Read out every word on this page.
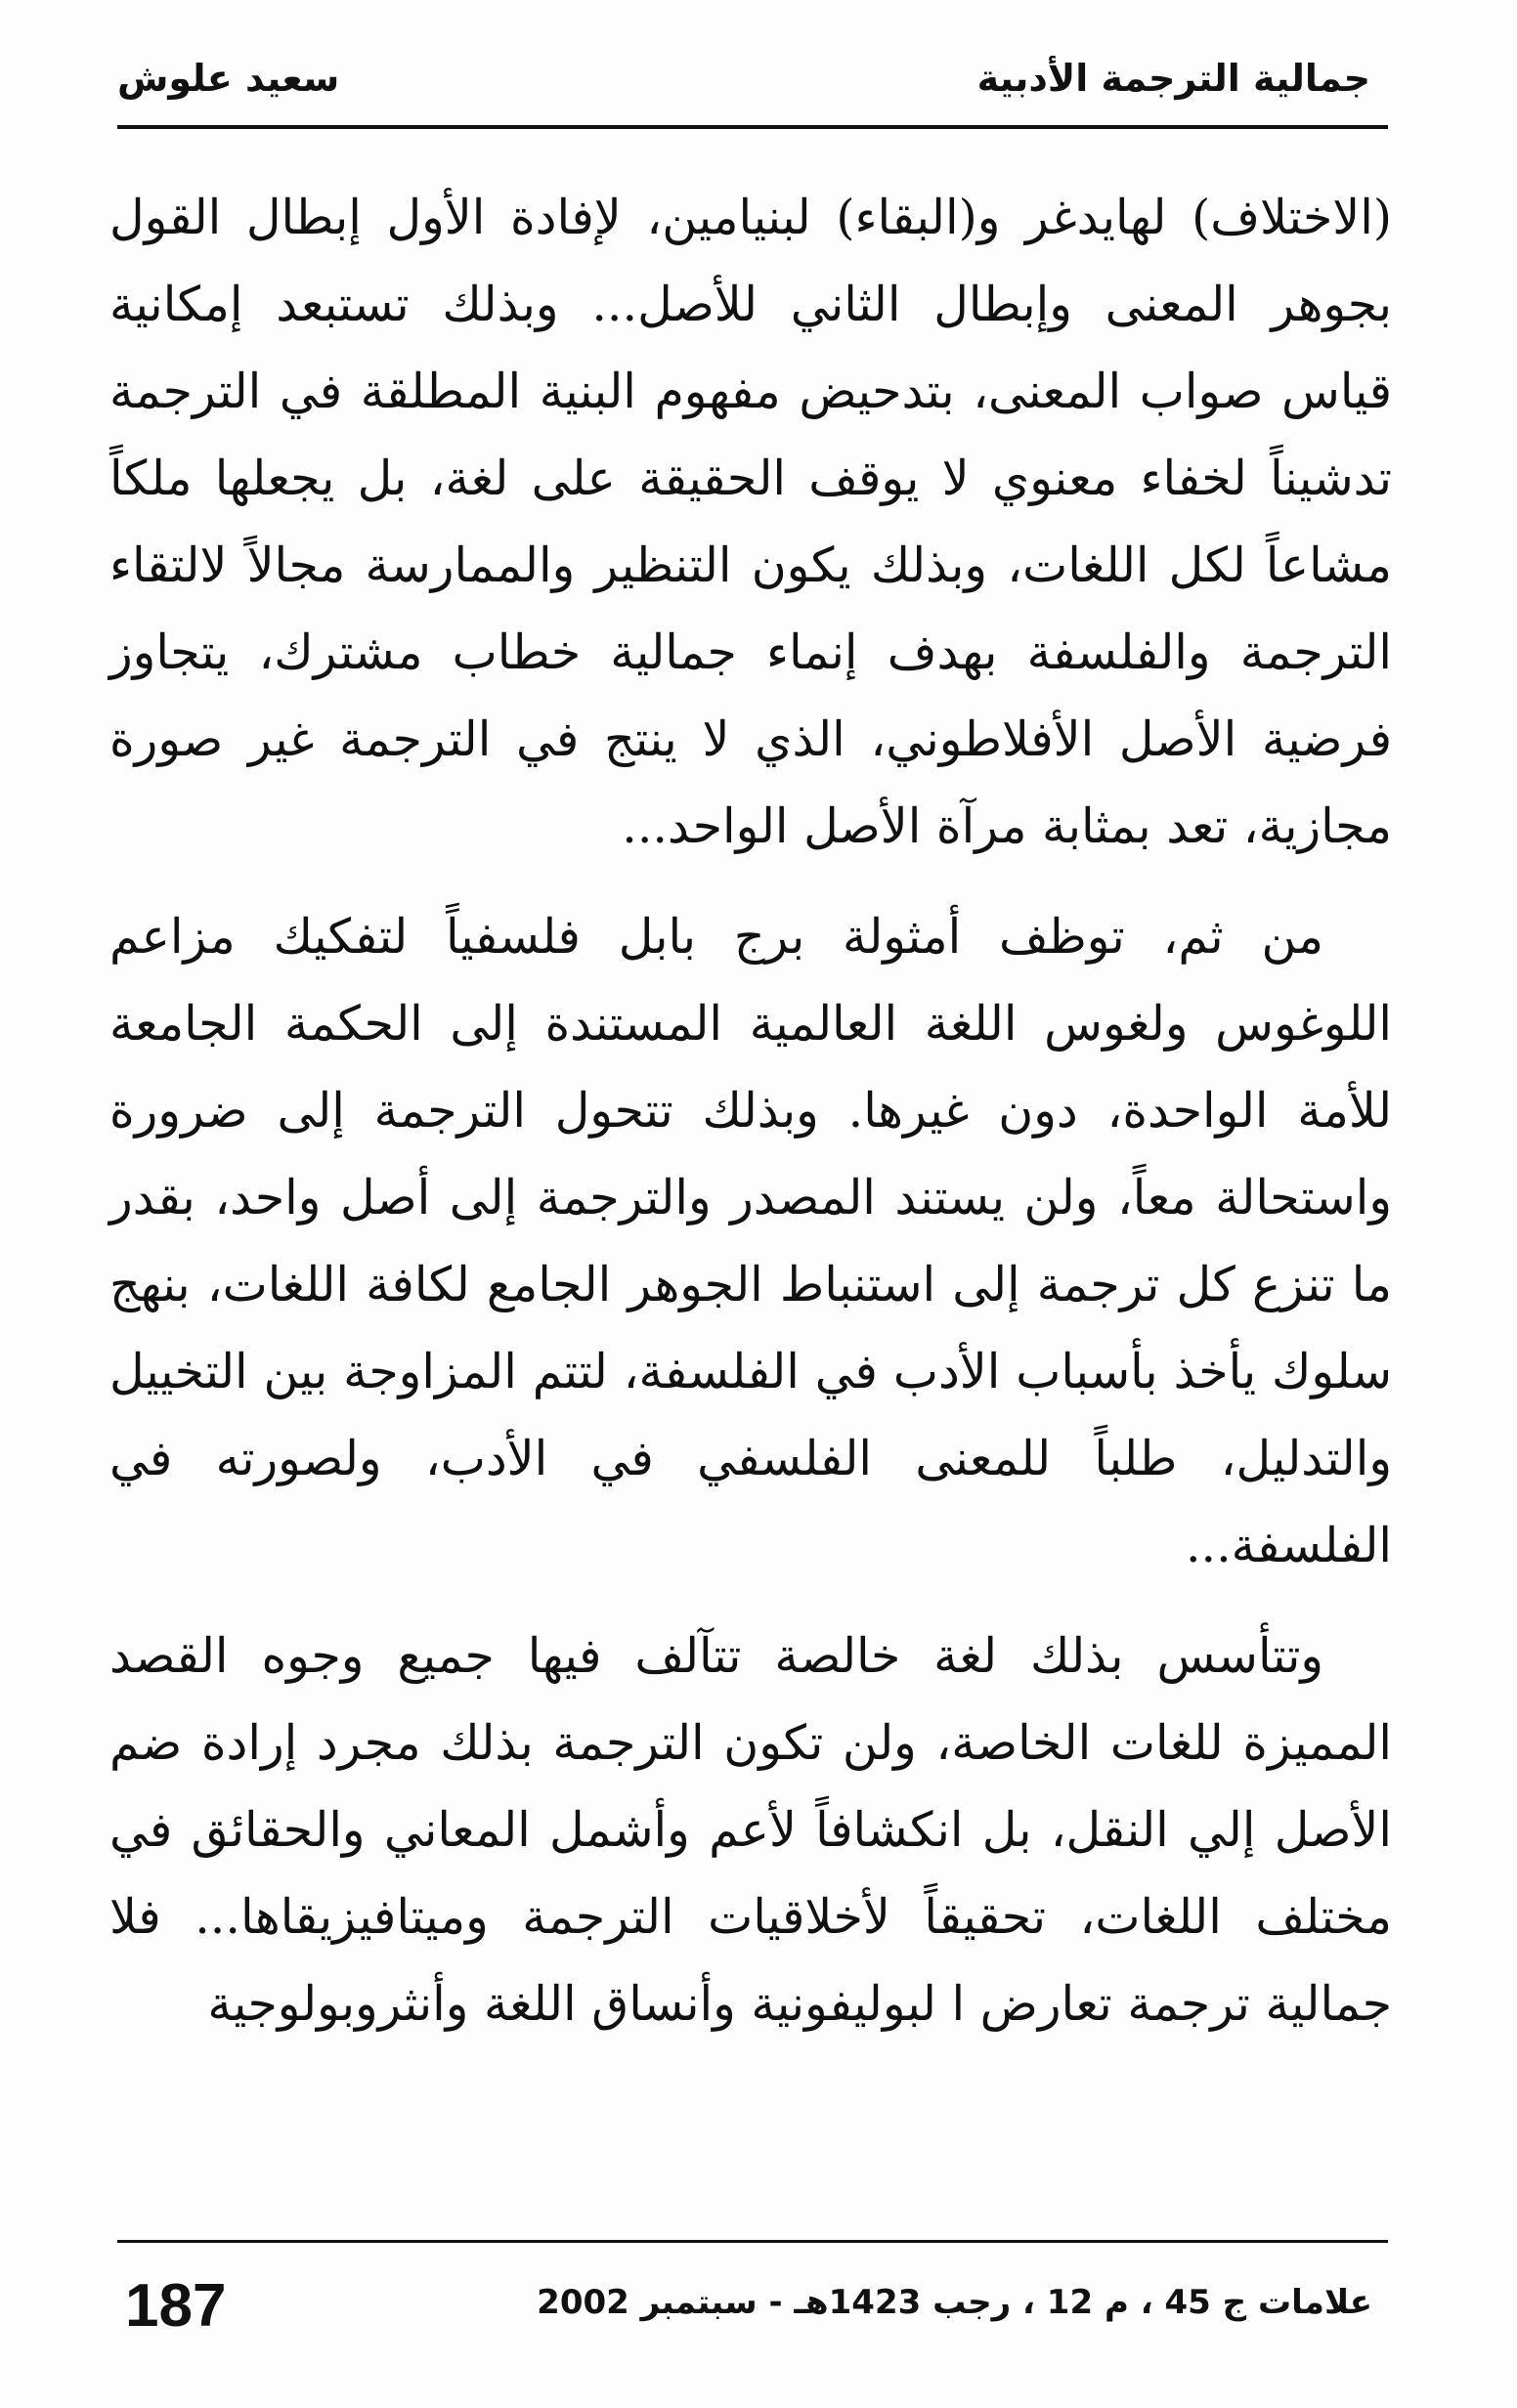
جمالية الترجمة الأدبية
سعيد علوش

(الاختلاف) لهايدغر و(البقاء) لبنيامين، لإفادة الأول إبطال القول بجوهر المعنى وإبطال الثاني للأصل... وبذلك تستبعد إمكانية قياس صواب المعنى، بتدحيض مفهوم البنية المطلقة في الترجمة تدشيناً لخفاء معنوي لا يوقف الحقيقة على لغة، بل يجعلها ملكاً مشاعاً لكل اللغات، وبذلك يكون التنظير والممارسة مجالاً لالتقاء الترجمة والفلسفة بهدف إنماء جمالية خطاب مشترك، يتجاوز فرضية الأصل الأفلاطوني، الذي لا ينتج في الترجمة غير صورة مجازية، تعد بمثابة مرآة الأصل الواحد...

من ثم، توظف أمثولة برج بابل فلسفياً لتفكيك مزاعم اللوغوس ولغوس اللغة العالمية المستندة إلى الحكمة الجامعة للأمة الواحدة، دون غيرها. وبذلك تتحول الترجمة إلى ضرورة واستحالة معاً، ولن يستند المصدر والترجمة إلى أصل واحد، بقدر ما تنزع كل ترجمة إلى استنباط الجوهر الجامع لكافة اللغات، بنهج سلوك يأخذ بأسباب الأدب في الفلسفة، لتتم المزاوجة بين التخييل والتدليل، طلباً للمعنى الفلسفي في الأدب، ولصورته في الفلسفة...

وتتأسس بذلك لغة خالصة تتآلف فيها جميع وجوه القصد المميزة للغات الخاصة، ولن تكون الترجمة بذلك مجرد إرادة ضم الأصل إلي النقل، بل انكشافاً لأعم وأشمل المعاني والحقائق في مختلف اللغات، تحقيقاً لأخلاقيات الترجمة وميتافيزيقاها... فلا جمالية ترجمة تعارض ا لبوليفونية وأنساق اللغة وأنثروبولوجية

187	علامات ج 45 ، م 12 ، رجب 1423هـ - سبتمبر 2002
